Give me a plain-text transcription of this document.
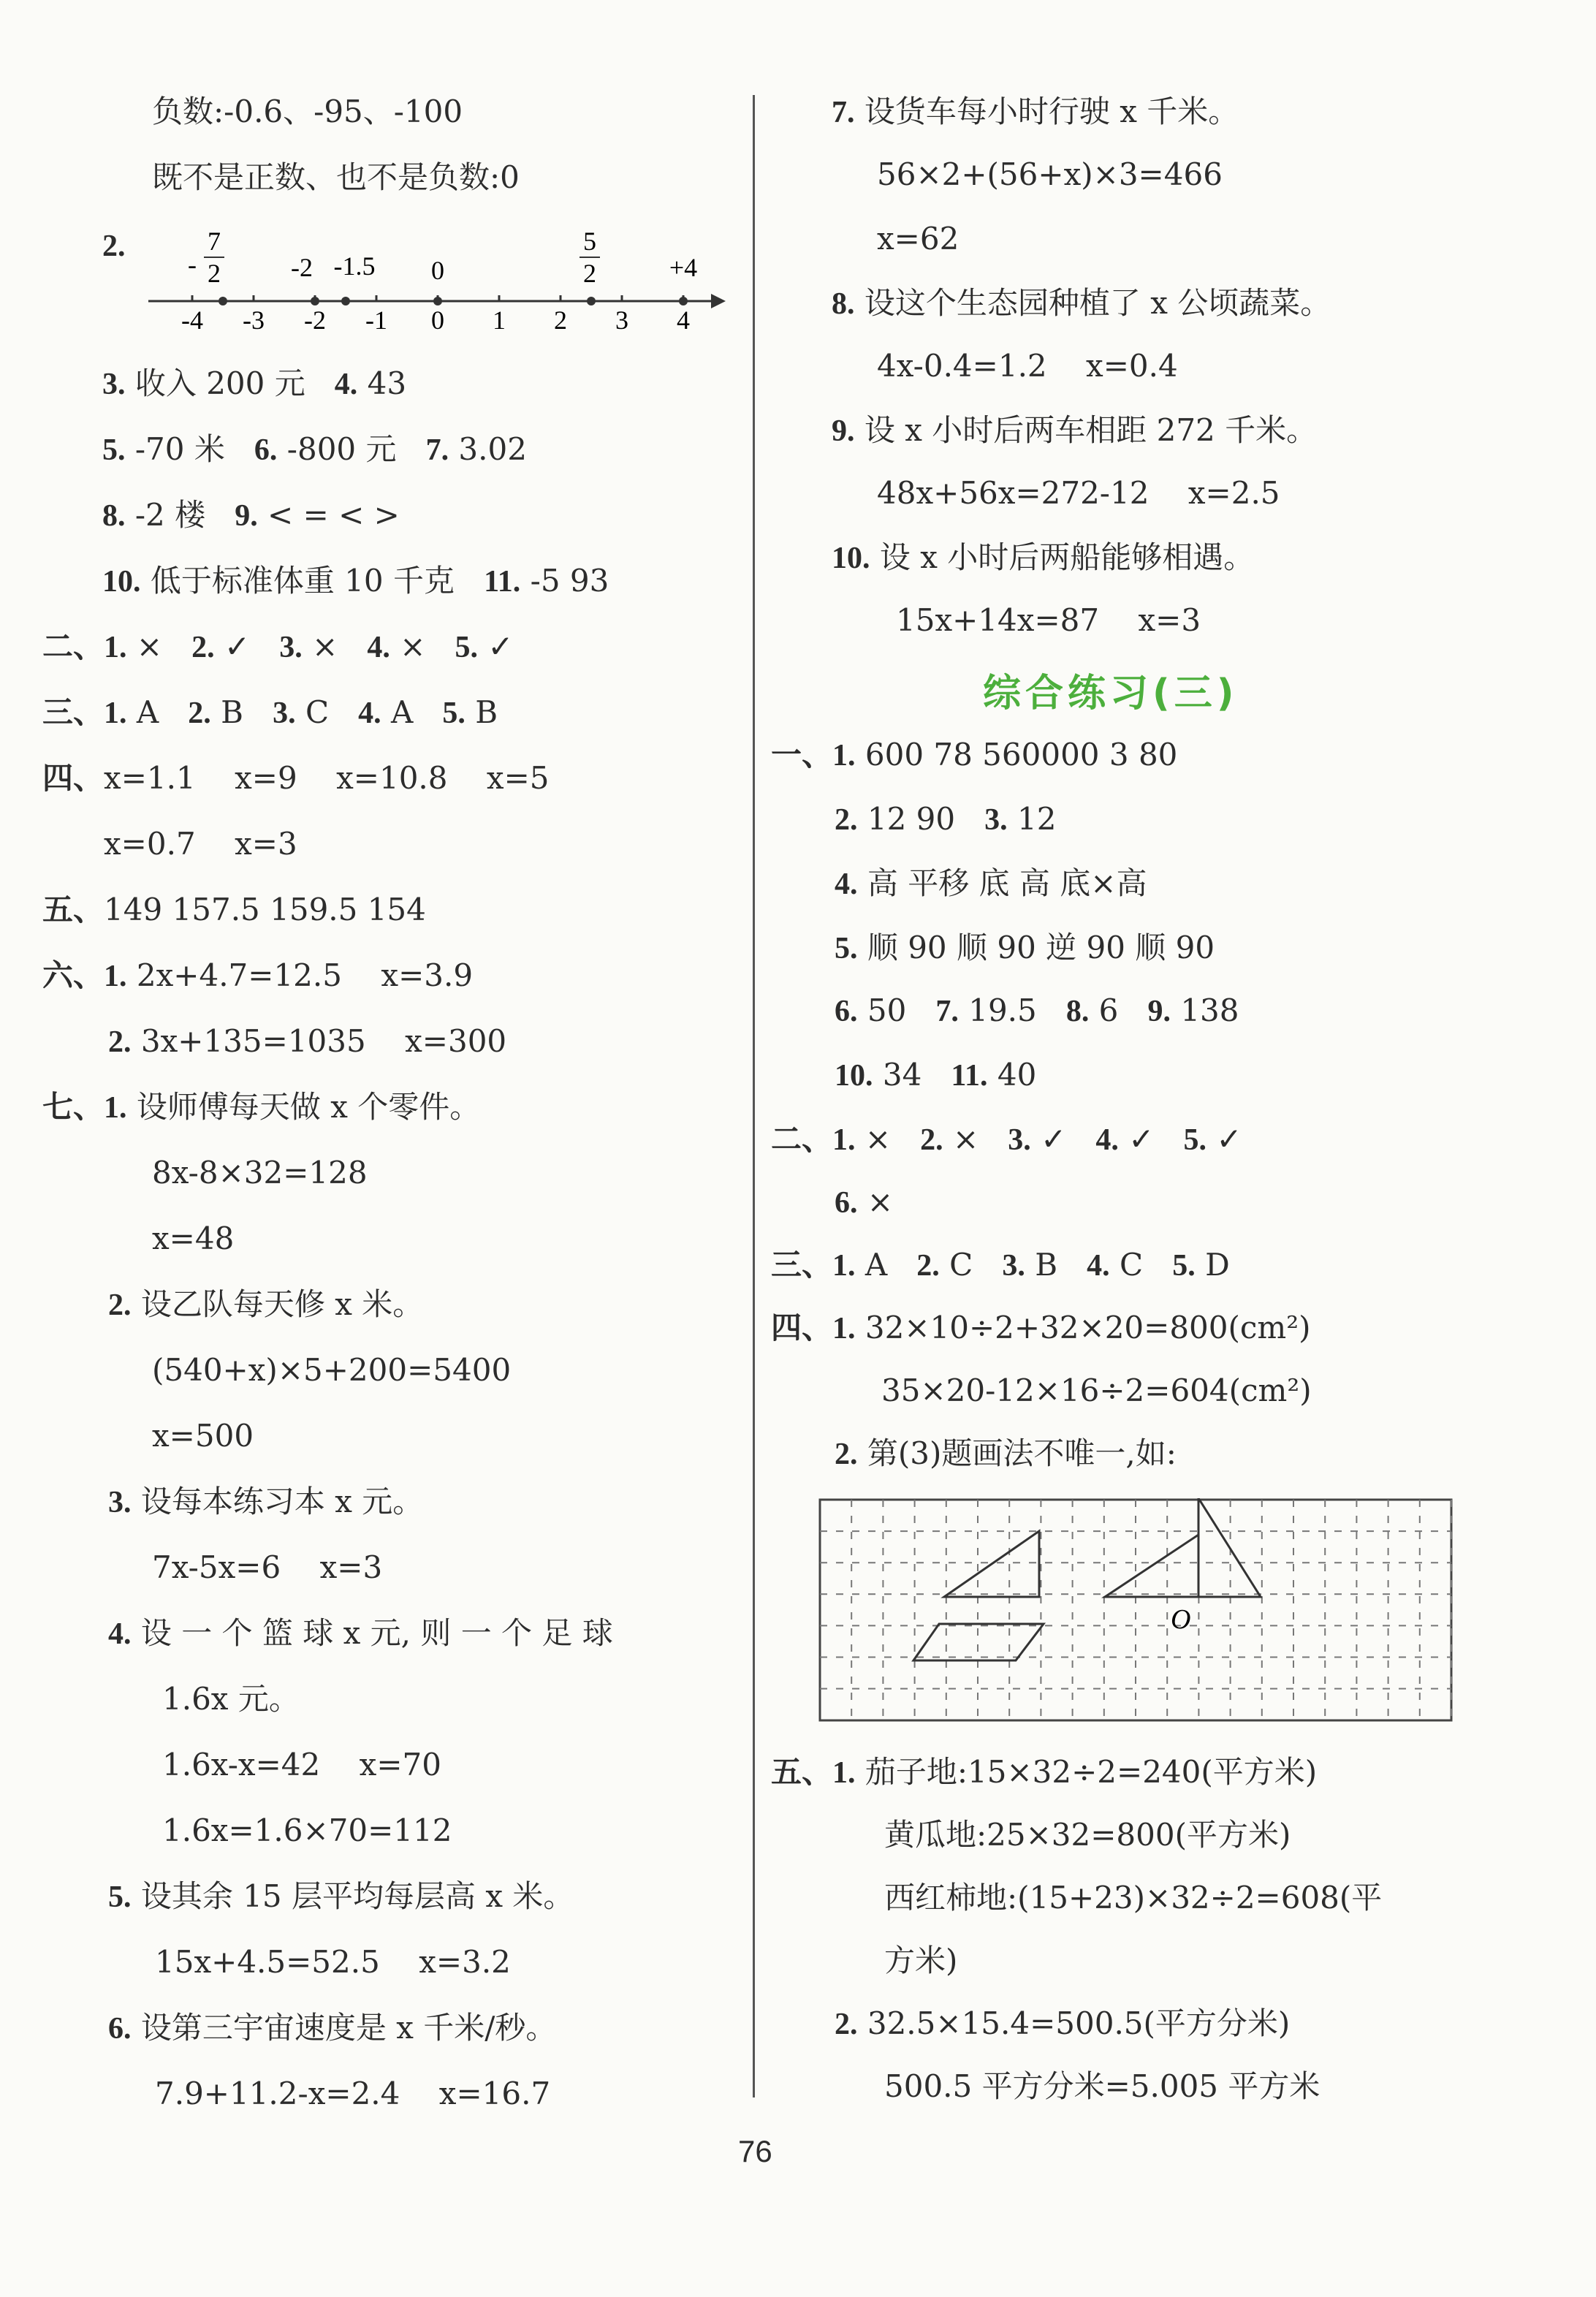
负数:-0.6、-95、-100
既不是正数、也不是负数:0
2.
-
7
2	-2 -1.5 0
5
2	+4
-4 -3 -2 -1 0 1 2 3 4
3. 收入 200 元 4. 43
5. -70 米 6. -800 元 7. 3.02
8. -2 楼 9. < = < >
10. 低于标准体重 10 千克 11. -5 93
二、1. × 2. ✓ 3. × 4. × 5. ✓
三、1. A 2. B 3. C 4. A 5. B
四、x=1.1 x=9 x=10.8 x=5
x=0.7 x=3
五、149 157.5 159.5 154
六、1. 2x+4.7=12.5 x=3.9
2. 3x+135=1035 x=300
七、1. 设师傅每天做 x 个零件。
8x-8×32=128
x=48
2. 设乙队每天修 x 米。
(540+x)×5+200=5400
x=500
3. 设每本练习本 x 元。
7x-5x=6 x=3
4. 设 一 个 篮 球 x 元, 则 一 个 足 球
1.6x 元。
1.6x-x=42 x=70
1.6x=1.6×70=112
5. 设其余 15 层平均每层高 x 米。
15x+4.5=52.5 x=3.2
6. 设第三宇宙速度是 x 千米/秒。
7.9+11.2-x=2.4 x=16.7
7. 设货车每小时行驶 x 千米。
56×2+(56+x)×3=466
x=62
8. 设这个生态园种植了 x 公顷蔬菜。
4x-0.4=1.2 x=0.4
9. 设 x 小时后两车相距 272 千米。
48x+56x=272-12 x=2.5
10. 设 x 小时后两船能够相遇。
15x+14x=87 x=3
综合练习(三)
一、1. 600 78 560000 3 80
2. 12 90 3. 12
4. 高 平移 底 高 底×高
5. 顺 90 顺 90 逆 90 顺 90
6. 50 7. 19.5 8. 6 9. 138
10. 34 11. 40
二、1. × 2. × 3. ✓ 4. ✓ 5. ✓
6. ×
三、1. A 2. C 3. B 4. C 5. D
四、1. 32×10÷2+32×20=800(cm²)
35×20-12×16÷2=604(cm²)
2. 第(3)题画法不唯一,如:
O
五、1. 茄子地:15×32÷2=240(平方米)
黄瓜地:25×32=800(平方米)
西红柿地:(15+23)×32÷2=608(平
方米)
2. 32.5×15.4=500.5(平方分米)
500.5 平方分米=5.005 平方米
76
